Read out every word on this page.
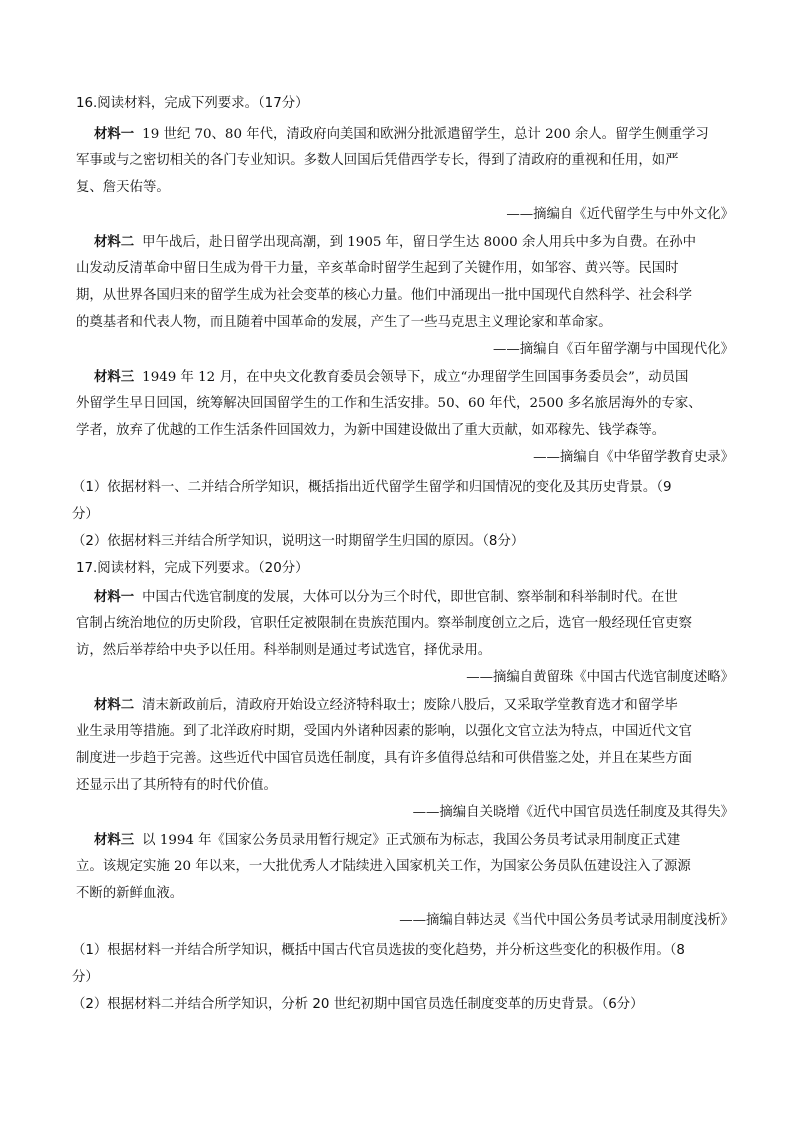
16.阅读材料，完成下列要求。（17分）
材料一 19 世纪 70、80 年代，清政府向美国和欧洲分批派遣留学生，总计 200 余人。留学生侧重学习
军事或与之密切相关的各门专业知识。多数人回国后凭借西学专长，得到了清政府的重视和任用，如严
复、詹天佑等。
——摘编自《近代留学生与中外文化》
材料二 甲午战后，赴日留学出现高潮，到 1905 年，留日学生达 8000 余人用兵中多为自费。在孙中
山发动反清革命中留日生成为骨干力量，辛亥革命时留学生起到了关键作用，如邹容、黄兴等。民国时
期，从世界各国归来的留学生成为社会变革的核心力量。他们中涌现出一批中国现代自然科学、社会科学
的奠基者和代表人物，而且随着中国革命的发展，产生了一些马克思主义理论家和革命家。
——摘编自《百年留学潮与中国现代化》
材料三 1949 年 12 月，在中央文化教育委员会领导下，成立“办理留学生回国事务委员会”，动员国
外留学生早日回国，统筹解决回国留学生的工作和生活安排。50、60 年代，2500 多名旅居海外的专家、
学者，放弃了优越的工作生活条件回国效力，为新中国建设做出了重大贡献，如邓稼先、钱学森等。
——摘编自《中华留学教育史录》
（1）依据材料一、二并结合所学知识，概括指出近代留学生留学和归国情况的变化及其历史背景。（9
分）
（2）依据材料三并结合所学知识，说明这一时期留学生归国的原因。（8分）
17.阅读材料，完成下列要求。（20分）
材料一 中国古代选官制度的发展，大体可以分为三个时代，即世官制、察举制和科举制时代。在世
官制占统治地位的历史阶段，官职任定被限制在贵族范围内。察举制度创立之后，选官一般经现任官吏察
访，然后举荐给中央予以任用。科举制则是通过考试选官，择优录用。
——摘编自黄留珠《中国古代选官制度述略》
材料二 清末新政前后，清政府开始设立经济特科取士；废除八股后，又采取学堂教育选才和留学毕
业生录用等措施。到了北洋政府时期，受国内外诸种因素的影响，以强化文官立法为特点，中国近代文官
制度进一步趋于完善。这些近代中国官员选任制度，具有许多值得总结和可供借鉴之处，并且在某些方面
还显示出了其所特有的时代价值。
——摘编自关晓增《近代中国官员选任制度及其得失》
材料三 以 1994 年《国家公务员录用暂行规定》正式颁布为标志，我国公务员考试录用制度正式建
立。该规定实施 20 年以来，一大批优秀人才陆续进入国家机关工作，为国家公务员队伍建设注入了源源
不断的新鲜血液。
——摘编自韩达灵《当代中国公务员考试录用制度浅析》
（1）根据材料一并结合所学知识，概括中国古代官员选拔的变化趋势，并分析这些变化的积极作用。（8
分）
（2）根据材料二并结合所学知识，分析 20 世纪初期中国官员选任制度变革的历史背景。（6分）
